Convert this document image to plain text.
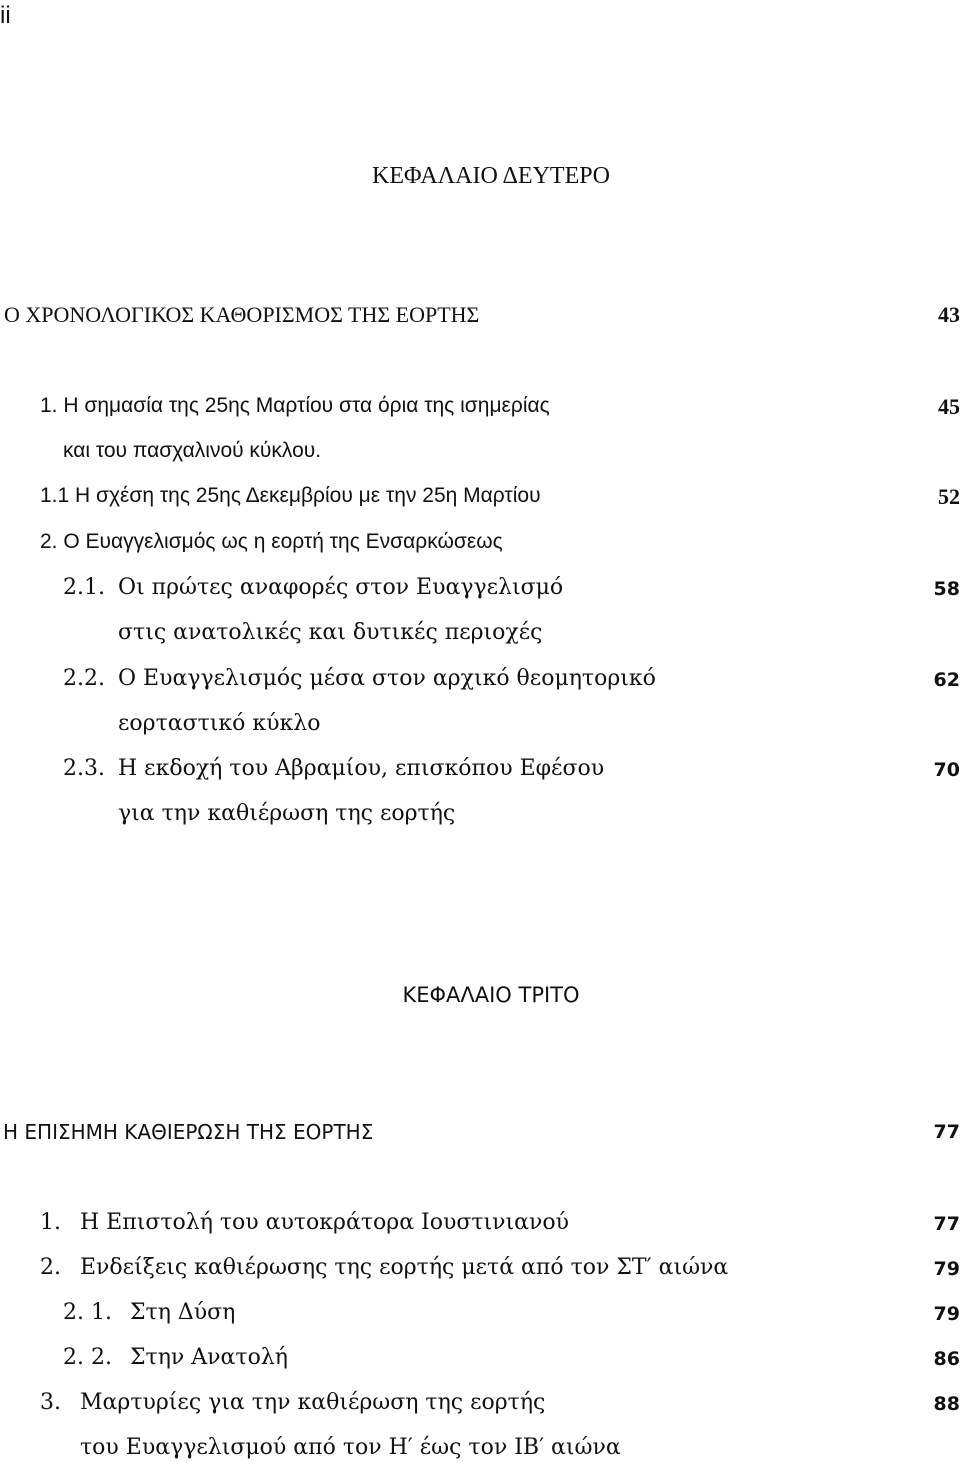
ii
ΚΕΦΑΛΑΙΟ ΔΕΥΤΕΡΟ
Ο ΧΡΟΝΟΛΟΓΙΚΟΣ ΚΑΘΟΡΙΣΜΟΣ ΤΗΣ ΕΟΡΤΗΣ	43
1. Η σημασία της 25ης Μαρτίου στα όρια της ισημερίας	45
και του πασχαλινού κύκλου.
1.1 Η σχέση της 25ης Δεκεμβρίου με την 25η Μαρτίου	52
2. Ο Ευαγγελισμός ως η εορτή της Ενσαρκώσεως
2.1. Οι πρώτες αναφορές στον Ευαγγελισμό	58
στις ανατολικές και δυτικές περιοχές
2.2. Ο Ευαγγελισμός μέσα στον αρχικό θεομητορικό	62
εορταστικό κύκλο
2.3. Η εκδοχή του Αβραμίου, επισκόπου Εφέσου	70
για την καθιέρωση της εορτής
ΚΕΦΑΛΑΙΟ ΤΡΙΤΟ
Η ΕΠΙΣΗΜΗ ΚΑΘΙΕΡΩΣΗ ΤΗΣ ΕΟΡΤΗΣ	77
1. Η Επιστολή του αυτοκράτορα Ιουστινιανού	77
2. Ενδείξεις καθιέρωσης της εορτής μετά από τον ΣΤ′ αιώνα	79
2. 1. Στη Δύση	79
2. 2. Στην Ανατολή	86
3. Μαρτυρίες για την καθιέρωση της εορτής	88
του Ευαγγελισμού από τον Η′ έως τον ΙΒ′ αιώνα
